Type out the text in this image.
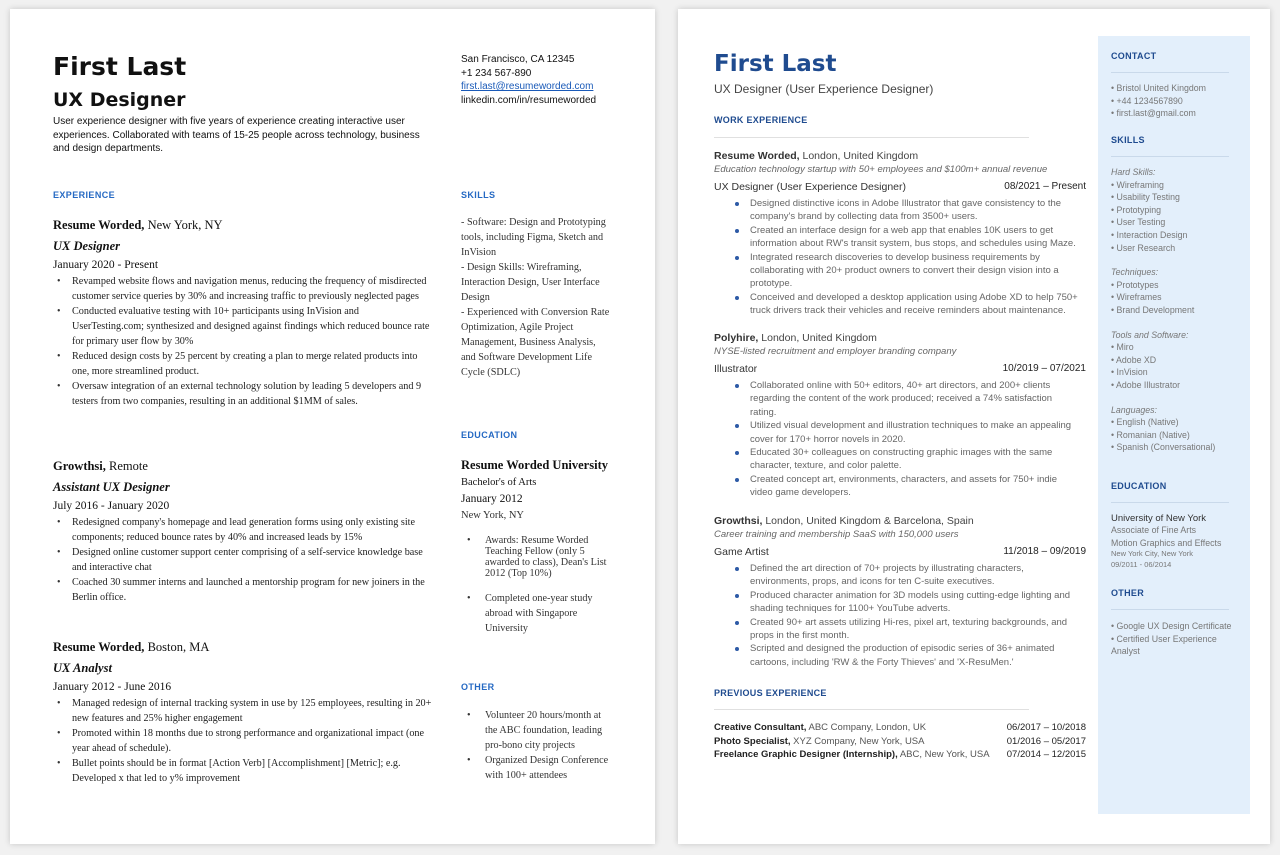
First Last
UX Designer
User experience designer with five years of experience creating interactive user experiences. Collaborated with teams of 15-25 people across technology, business and design departments.
San Francisco, CA 12345
+1 234 567-890
first.last@resumeworded.com
linkedin.com/in/resumeworded
EXPERIENCE
Resume Worded, New York, NY
UX Designer
January 2020 - Present
• Revamped website flows and navigation menus, reducing the frequency of misdirected customer service queries by 30% and increasing traffic to previously neglected pages
• Conducted evaluative testing with 10+ participants using InVision and UserTesting.com; synthesized and designed against findings which reduced bounce rate for primary user flow by 30%
• Reduced design costs by 25 percent by creating a plan to merge related products into one, more streamlined product.
• Oversaw integration of an external technology solution by leading 5 developers and 9 testers from two companies, resulting in an additional $1MM of sales.
Growthsi, Remote
Assistant UX Designer
July 2016 - January 2020
• Redesigned company's homepage and lead generation forms using only existing site components; reduced bounce rates by 40% and increased leads by 15%
• Designed online customer support center comprising of a self-service knowledge base and interactive chat
• Coached 30 summer interns and launched a mentorship program for new joiners in the Berlin office.
Resume Worded, Boston, MA
UX Analyst
January 2012 - June 2016
• Managed redesign of internal tracking system in use by 125 employees, resulting in 20+ new features and 25% higher engagement
• Promoted within 18 months due to strong performance and organizational impact (one year ahead of schedule).
• Bullet points should be in format [Action Verb] [Accomplishment] [Metric]; e.g. Developed x that led to y% improvement
SKILLS
- Software: Design and Prototyping tools, including Figma, Sketch and InVision
- Design Skills: Wireframing, Interaction Design, User Interface Design
- Experienced with Conversion Rate Optimization, Agile Project Management, Business Analysis, and Software Development Life Cycle (SDLC)
EDUCATION
Resume Worded University
Bachelor's of Arts
January 2012
New York, NY
• Awards: Resume Worded Teaching Fellow (only 5 awarded to class), Dean's List 2012 (Top 10%)
• Completed one-year study abroad with Singapore University
OTHER
• Volunteer 20 hours/month at the ABC foundation, leading pro-bono city projects
• Organized Design Conference with 100+ attendees
First Last
UX Designer (User Experience Designer)
WORK EXPERIENCE
Resume Worded, London, United Kingdom
Education technology startup with 50+ employees and $100m+ annual revenue
UX Designer (User Experience Designer)	08/2021 – Present
Designed distinctive icons in Adobe Illustrator that gave consistency to the company's brand by collecting data from 3500+ users.
Created an interface design for a web app that enables 10K users to get information about RW's transit system, bus stops, and schedules using Maze.
Integrated research discoveries to develop business requirements by collaborating with 20+ product owners to convert their design vision into a prototype.
Conceived and developed a desktop application using Adobe XD to help 750+ truck drivers track their vehicles and receive reminders about maintenance.
Polyhire, London, United Kingdom
NYSE-listed recruitment and employer branding company
Illustrator	10/2019 – 07/2021
Collaborated online with 50+ editors, 40+ art directors, and 200+ clients regarding the content of the work produced; received a 74% satisfaction rating.
Utilized visual development and illustration techniques to make an appealing cover for 170+ horror novels in 2020.
Educated 30+ colleagues on constructing graphic images with the same character, texture, and color palette.
Created concept art, environments, characters, and assets for 750+ indie video game developers.
Growthsi, London, United Kingdom & Barcelona, Spain
Career training and membership SaaS with 150,000 users
Game Artist	11/2018 – 09/2019
Defined the art direction of 70+ projects by illustrating characters, environments, props, and icons for ten C-suite executives.
Produced character animation for 3D models using cutting-edge lighting and shading techniques for 1100+ YouTube adverts.
Created 90+ art assets utilizing Hi-res, pixel art, texturing backgrounds, and props in the first month.
Scripted and designed the production of episodic series of 36+ animated cartoons, including 'RW & the Forty Thieves' and 'X-ResuMen.'
PREVIOUS EXPERIENCE
Creative Consultant, ABC Company, London, UK	06/2017 – 10/2018
Photo Specialist, XYZ Company, New York, USA	01/2016 – 05/2017
Freelance Graphic Designer (Internship), ABC, New York, USA 07/2014 – 12/2015
CONTACT
• Bristol United Kingdom
• +44 1234567890
• first.last@gmail.com
SKILLS
Hard Skills:
• Wireframing
• Usability Testing
• Prototyping
• User Testing
• Interaction Design
• User Research
Techniques:
• Prototypes
• Wireframes
• Brand Development
Tools and Software:
• Miro
• Adobe XD
• InVision
• Adobe Illustrator
Languages:
• English (Native)
• Romanian (Native)
• Spanish (Conversational)
EDUCATION
University of New York
Associate of Fine Arts
Motion Graphics and Effects
New York City, New York
09/2011 - 06/2014
OTHER
• Google UX Design Certificate
• Certified User Experience Analyst
